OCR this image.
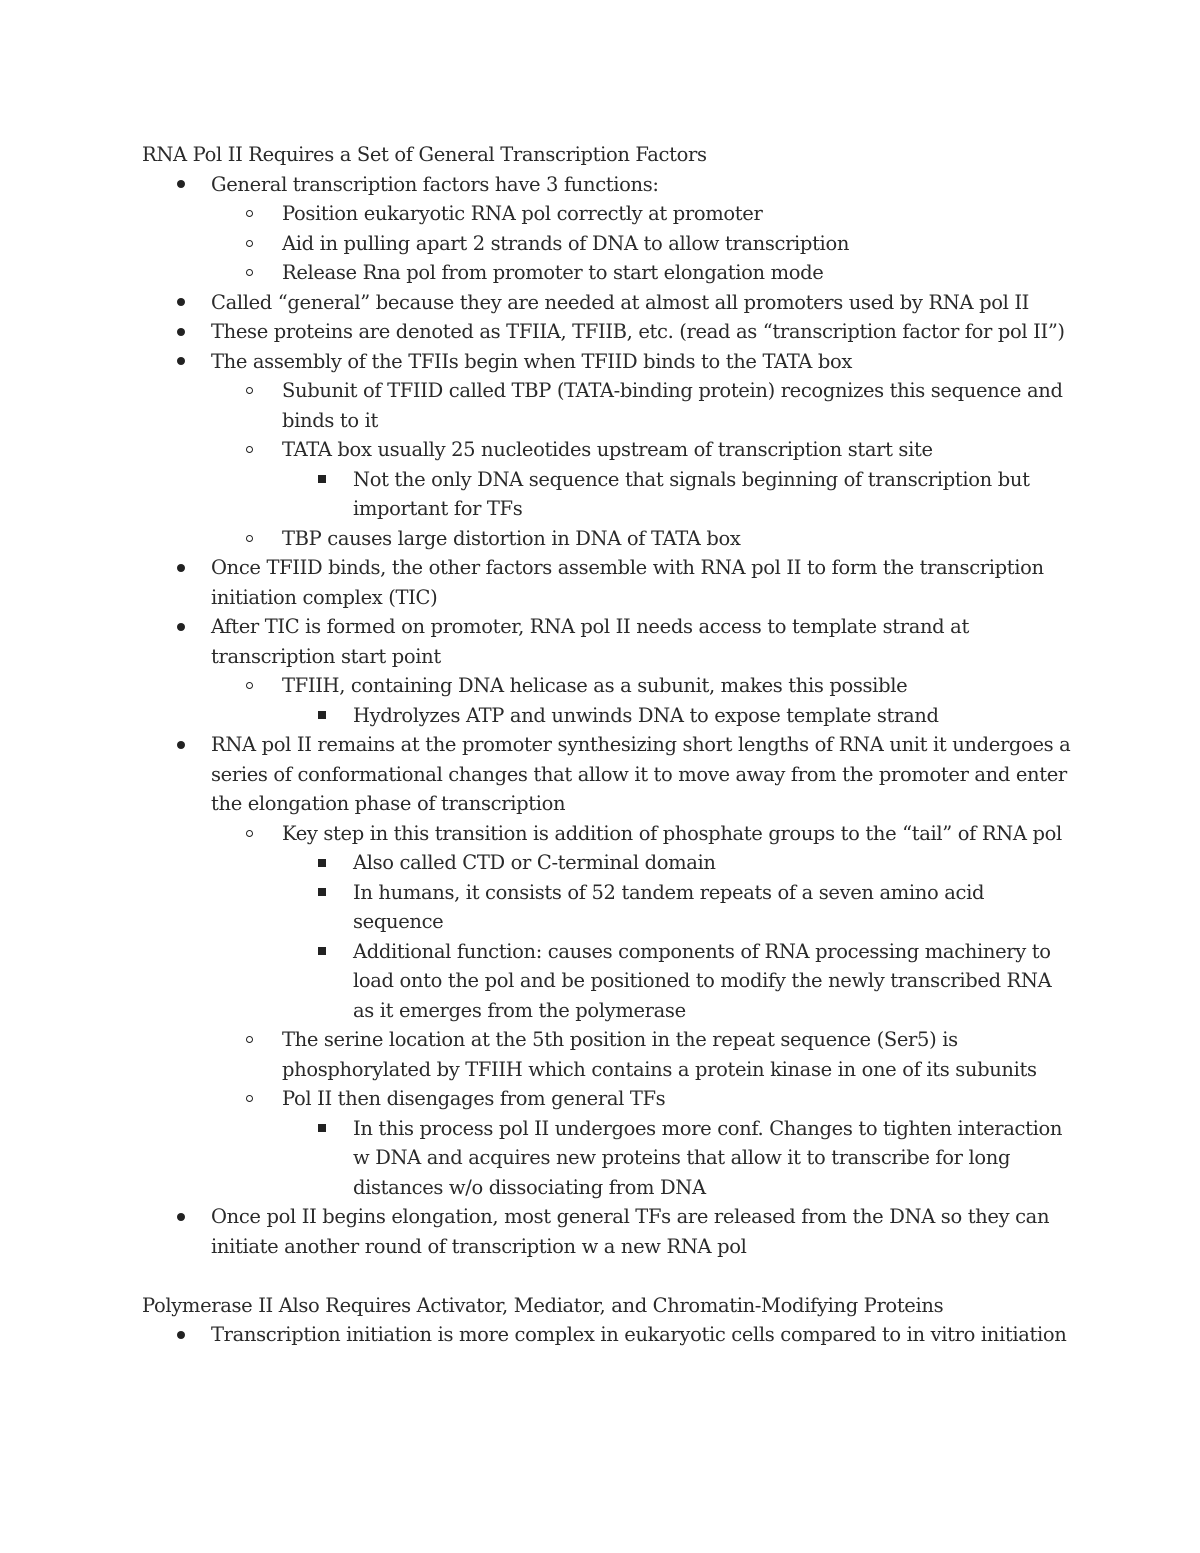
RNA Pol II Requires a Set of General Transcription Factors

General transcription factors have 3 functions:
Position eukaryotic RNA pol correctly at promoter
Aid in pulling apart 2 strands of DNA to allow transcription
Release Rna pol from promoter to start elongation mode
Called “general” because they are needed at almost all promoters used by RNA pol II
These proteins are denoted as TFIIA, TFIIB, etc. (read as “transcription factor for pol II”)
The assembly of the TFIIs begin when TFIID binds to the TATA box
Subunit of TFIID called TBP (TATA-binding protein) recognizes this sequence and binds to it
TATA box usually 25 nucleotides upstream of transcription start site
Not the only DNA sequence that signals beginning of transcription but important for TFs
TBP causes large distortion in DNA of TATA box
Once TFIID binds, the other factors assemble with RNA pol II to form the transcription initiation complex (TIC)
After TIC is formed on promoter, RNA pol II needs access to template strand at transcription start point
TFIIH, containing DNA helicase as a subunit, makes this possible
Hydrolyzes ATP and unwinds DNA to expose template strand
RNA pol II remains at the promoter synthesizing short lengths of RNA unit it undergoes a series of conformational changes that allow it to move away from the promoter and enter the elongation phase of transcription
Key step in this transition is addition of phosphate groups to the “tail” of RNA pol
Also called CTD or C-terminal domain
In humans, it consists of 52 tandem repeats of a seven amino acid sequence
Additional function: causes components of RNA processing machinery to load onto the pol and be positioned to modify the newly transcribed RNA as it emerges from the polymerase
The serine location at the 5th position in the repeat sequence (Ser5) is phosphorylated by TFIIH which contains a protein kinase in one of its subunits
Pol II then disengages from general TFs
In this process pol II undergoes more conf. Changes to tighten interaction w DNA and acquires new proteins that allow it to transcribe for long distances w/o dissociating from DNA
Once pol II begins elongation, most general TFs are released from the DNA so they can initiate another round of transcription w a new RNA pol

Polymerase II Also Requires Activator, Mediator, and Chromatin-Modifying Proteins

Transcription initiation is more complex in eukaryotic cells compared to in vitro initiation
